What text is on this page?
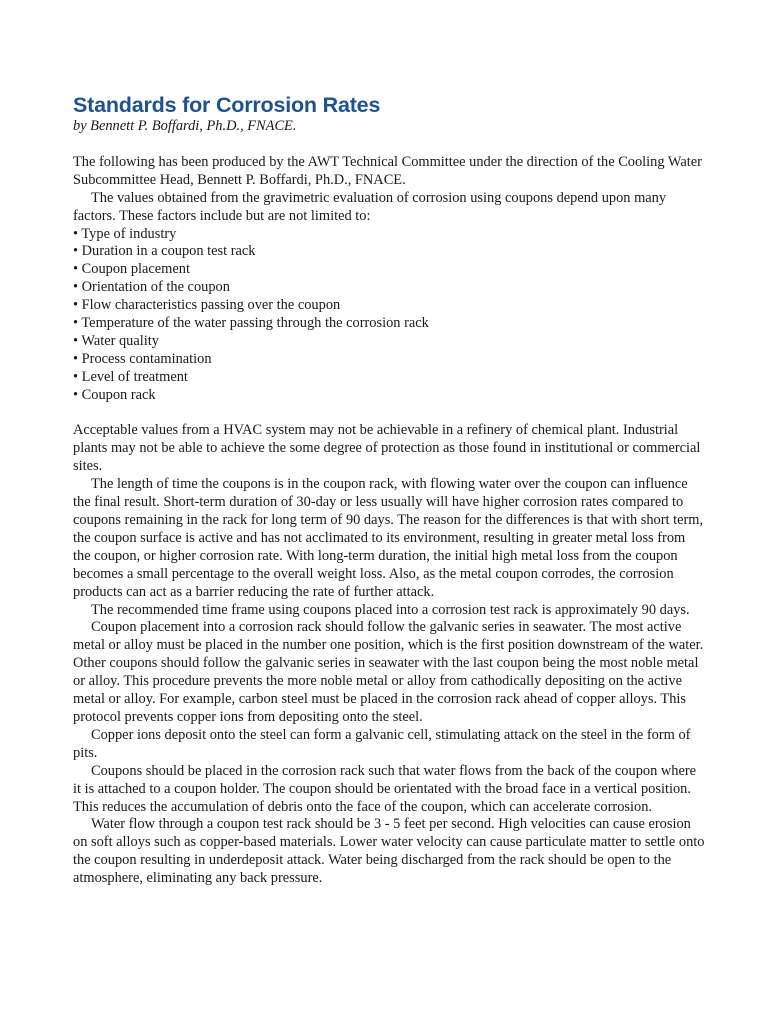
Standards for Corrosion Rates

by Bennett P. Boffardi, Ph.D., FNACE.

The following has been produced by the AWT Technical Committee under the direction of the Cooling Water Subcommittee Head, Bennett P. Boffardi, Ph.D., FNACE.

The values obtained from the gravimetric evaluation of corrosion using coupons depend upon many factors. These factors include but are not limited to:

• Type of industry
• Duration in a coupon test rack
• Coupon placement
• Orientation of the coupon
• Flow characteristics passing over the coupon
• Temperature of the water passing through the corrosion rack
• Water quality
• Process contamination
• Level of treatment
• Coupon rack

Acceptable values from a HVAC system may not be achievable in a refinery of chemical plant. Industrial plants may not be able to achieve the some degree of protection as those found in institutional or commercial sites.

The length of time the coupons is in the coupon rack, with flowing water over the coupon can influence the final result. Short-term duration of 30-day or less usually will have higher corrosion rates compared to coupons remaining in the rack for long term of 90 days. The reason for the differences is that with short term, the coupon surface is active and has not acclimated to its environment, resulting in greater metal loss from the coupon, or higher corrosion rate. With long-term duration, the initial high metal loss from the coupon becomes a small percentage to the overall weight loss. Also, as the metal coupon corrodes, the corrosion products can act as a barrier reducing the rate of further attack.

The recommended time frame using coupons placed into a corrosion test rack is approximately 90 days.

Coupon placement into a corrosion rack should follow the galvanic series in seawater. The most active metal or alloy must be placed in the number one position, which is the first position downstream of the water. Other coupons should follow the galvanic series in seawater with the last coupon being the most noble metal or alloy. This procedure prevents the more noble metal or alloy from cathodically depositing on the active metal or alloy. For example, carbon steel must be placed in the corrosion rack ahead of copper alloys. This protocol prevents copper ions from depositing onto the steel.

Copper ions deposit onto the steel can form a galvanic cell, stimulating attack on the steel in the form of pits.

Coupons should be placed in the corrosion rack such that water flows from the back of the coupon where it is attached to a coupon holder. The coupon should be orientated with the broad face in a vertical position. This reduces the accumulation of debris onto the face of the coupon, which can accelerate corrosion.

Water flow through a coupon test rack should be 3 - 5 feet per second. High velocities can cause erosion on soft alloys such as copper-based materials. Lower water velocity can cause particulate matter to settle onto the coupon resulting in underdeposit attack. Water being discharged from the rack should be open to the atmosphere, eliminating any back pressure.
